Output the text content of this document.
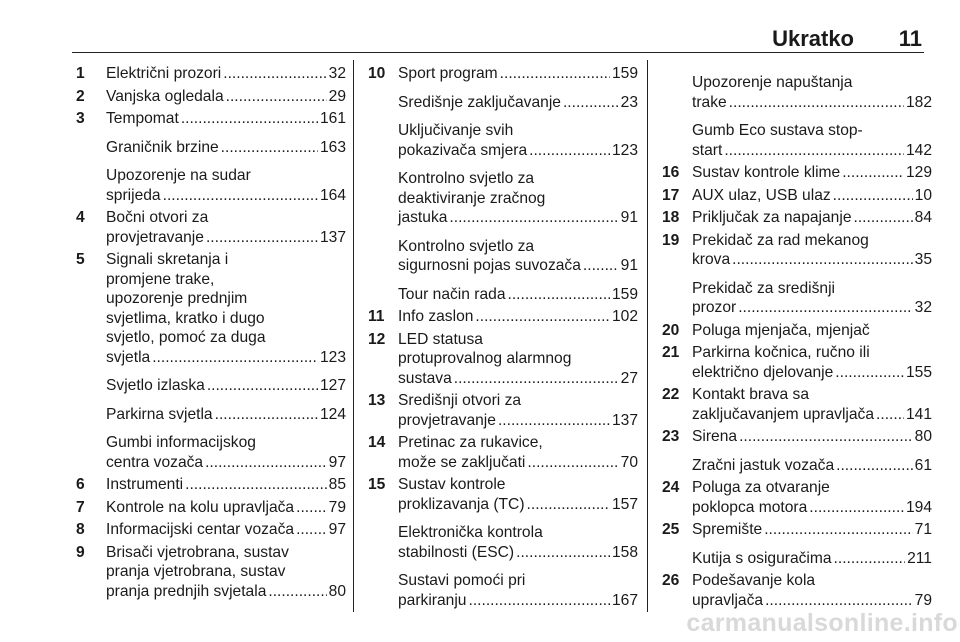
Ukratko 11
1 Električni prozori .....	32
2 Vanjska ogledala .....	29
3 Tempomat .....	161
Graničnik brzine .....	163
Upozorenje na sudar
sprijeda .....	164
4 Bočni otvori za
provjetravanje .....	137
5 Signali skretanja i
promjene trake,
upozorenje prednjim
svjetlima, kratko i dugo
svjetlo, pomoć za duga
svjetla .....	123
Svjetlo izlaska .....	127
Parkirna svjetla .....	124
Gumbi informacijskog
centra vozača .....	97
6 Instrumenti .....	85
7 Kontrole na kolu upravljača ..... 79
8 Informacijski centar vozača ..... 97
9 Brisači vjetrobrana, sustav
pranja vjetrobrana, sustav
pranja prednjih svjetala .....	80
10 Sport program .....	159
Središnje zaključavanje .....	23
Uključivanje svih
pokazivača smjera .....	123
Kontrolno svjetlo za
deaktiviranje zračnog
jastuka .....	91
Kontrolno svjetlo za
sigurnosni pojas suvozača .....	91
Tour način rada .....	159
11 Info zaslon .....	102
12 LED statusa
protuprovalnog alarmnog
sustava .....	27
13 Središnji otvori za
provjetravanje .....	137
14 Pretinac za rukavice,
može se zaključati .....	70
15 Sustav kontrole
proklizavanja (TC) .....	157
Elektronička kontrola
stabilnosti (ESC) .....	158
Sustavi pomoći pri
parkiranju .....	167
Upozorenje napuštanja
trake .....	182
Gumb Eco sustava stop-
start .....	142
16 Sustav kontrole klime .....	129
17 AUX ulaz, USB ulaz .....	10
18 Priključak za napajanje .....	84
19 Prekidač za rad mekanog
krova .....	35
Prekidač za središnji
prozor .....	32
20 Poluga mjenjača, mjenjač
21 Parkirna kočnica, ručno ili
električno djelovanje .....	155
22 Kontakt brava sa
zaključavanjem upravljača ..... 141
23 Sirena .....	80
Zračni jastuk vozača .....	61
24 Poluga za otvaranje
poklopca motora .....	194
25 Spremište .....	71
Kutija s osiguračima .....	211
26 Podešavanje kola
upravljača .....	79
carmanualsonline.info
